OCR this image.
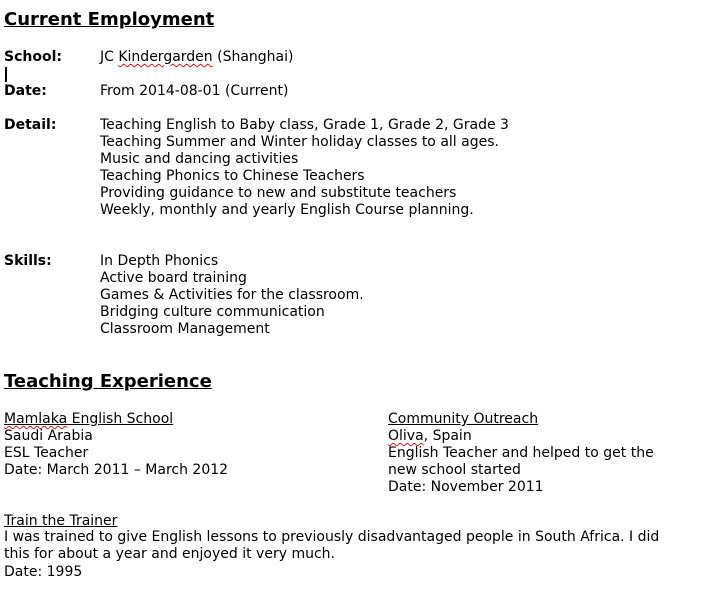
Current Employment
School:	JC Kindergarden (Shanghai)
Date:	From 2014-08-01 (Current)
Detail:	Teaching English to Baby class, Grade 1, Grade 2, Grade 3
Teaching Summer and Winter holiday classes to all ages.
Music and dancing activities
Teaching Phonics to Chinese Teachers
Providing guidance to new and substitute teachers
Weekly, monthly and yearly English Course planning.
Skills:	In Depth Phonics
Active board training
Games & Activities for the classroom.
Bridging culture communication
Classroom Management
Teaching Experience
Mamlaka English School
Saudi Arabia
ESL Teacher
Date: March 2011 – March 2012
Community Outreach
Oliva, Spain
English Teacher and helped to get the
new school started
Date: November 2011
Train the Trainer
I was trained to give English lessons to previously disadvantaged people in South Africa. I did this for about a year and enjoyed it very much.
Date: 1995
